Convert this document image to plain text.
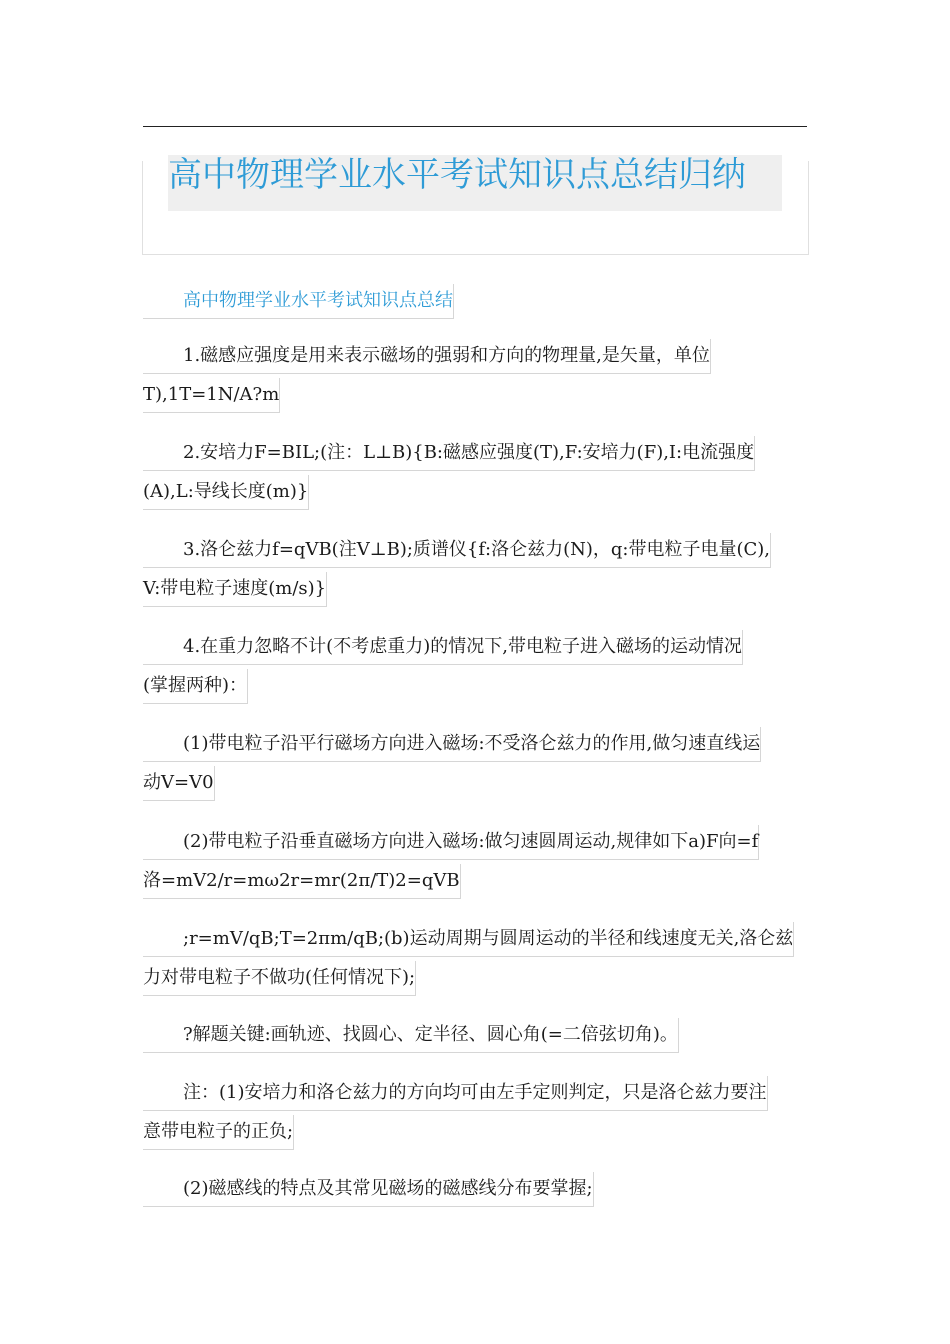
高中物理学业水平考试知识点总结归纳
高中物理学业水平考试知识点总结
1.磁感应强度是用来表示磁场的强弱和方向的物理量,是矢量，单位
T),1T=1N/A?m
2.安培力F=BIL;(注：L⊥B){B:磁感应强度(T),F:安培力(F),I:电流强度
(A),L:导线长度(m)}
3.洛仑兹力f=qVB(注V⊥B);质谱仪{f:洛仑兹力(N)，q:带电粒子电量(C),
V:带电粒子速度(m/s)}
4.在重力忽略不计(不考虑重力)的情况下,带电粒子进入磁场的运动情况
(掌握两种)：
(1)带电粒子沿平行磁场方向进入磁场:不受洛仑兹力的作用,做匀速直线运
动V=V0
(2)带电粒子沿垂直磁场方向进入磁场:做匀速圆周运动,规律如下a)F向=f
洛=mV2/r=mω2r=mr(2π/T)2=qVB
;r=mV/qB;T=2πm/qB;(b)运动周期与圆周运动的半径和线速度无关,洛仑兹
力对带电粒子不做功(任何情况下);
?解题关键:画轨迹、找圆心、定半径、圆心角(=二倍弦切角)。
注：(1)安培力和洛仑兹力的方向均可由左手定则判定，只是洛仑兹力要注
意带电粒子的正负;
(2)磁感线的特点及其常见磁场的磁感线分布要掌握;
